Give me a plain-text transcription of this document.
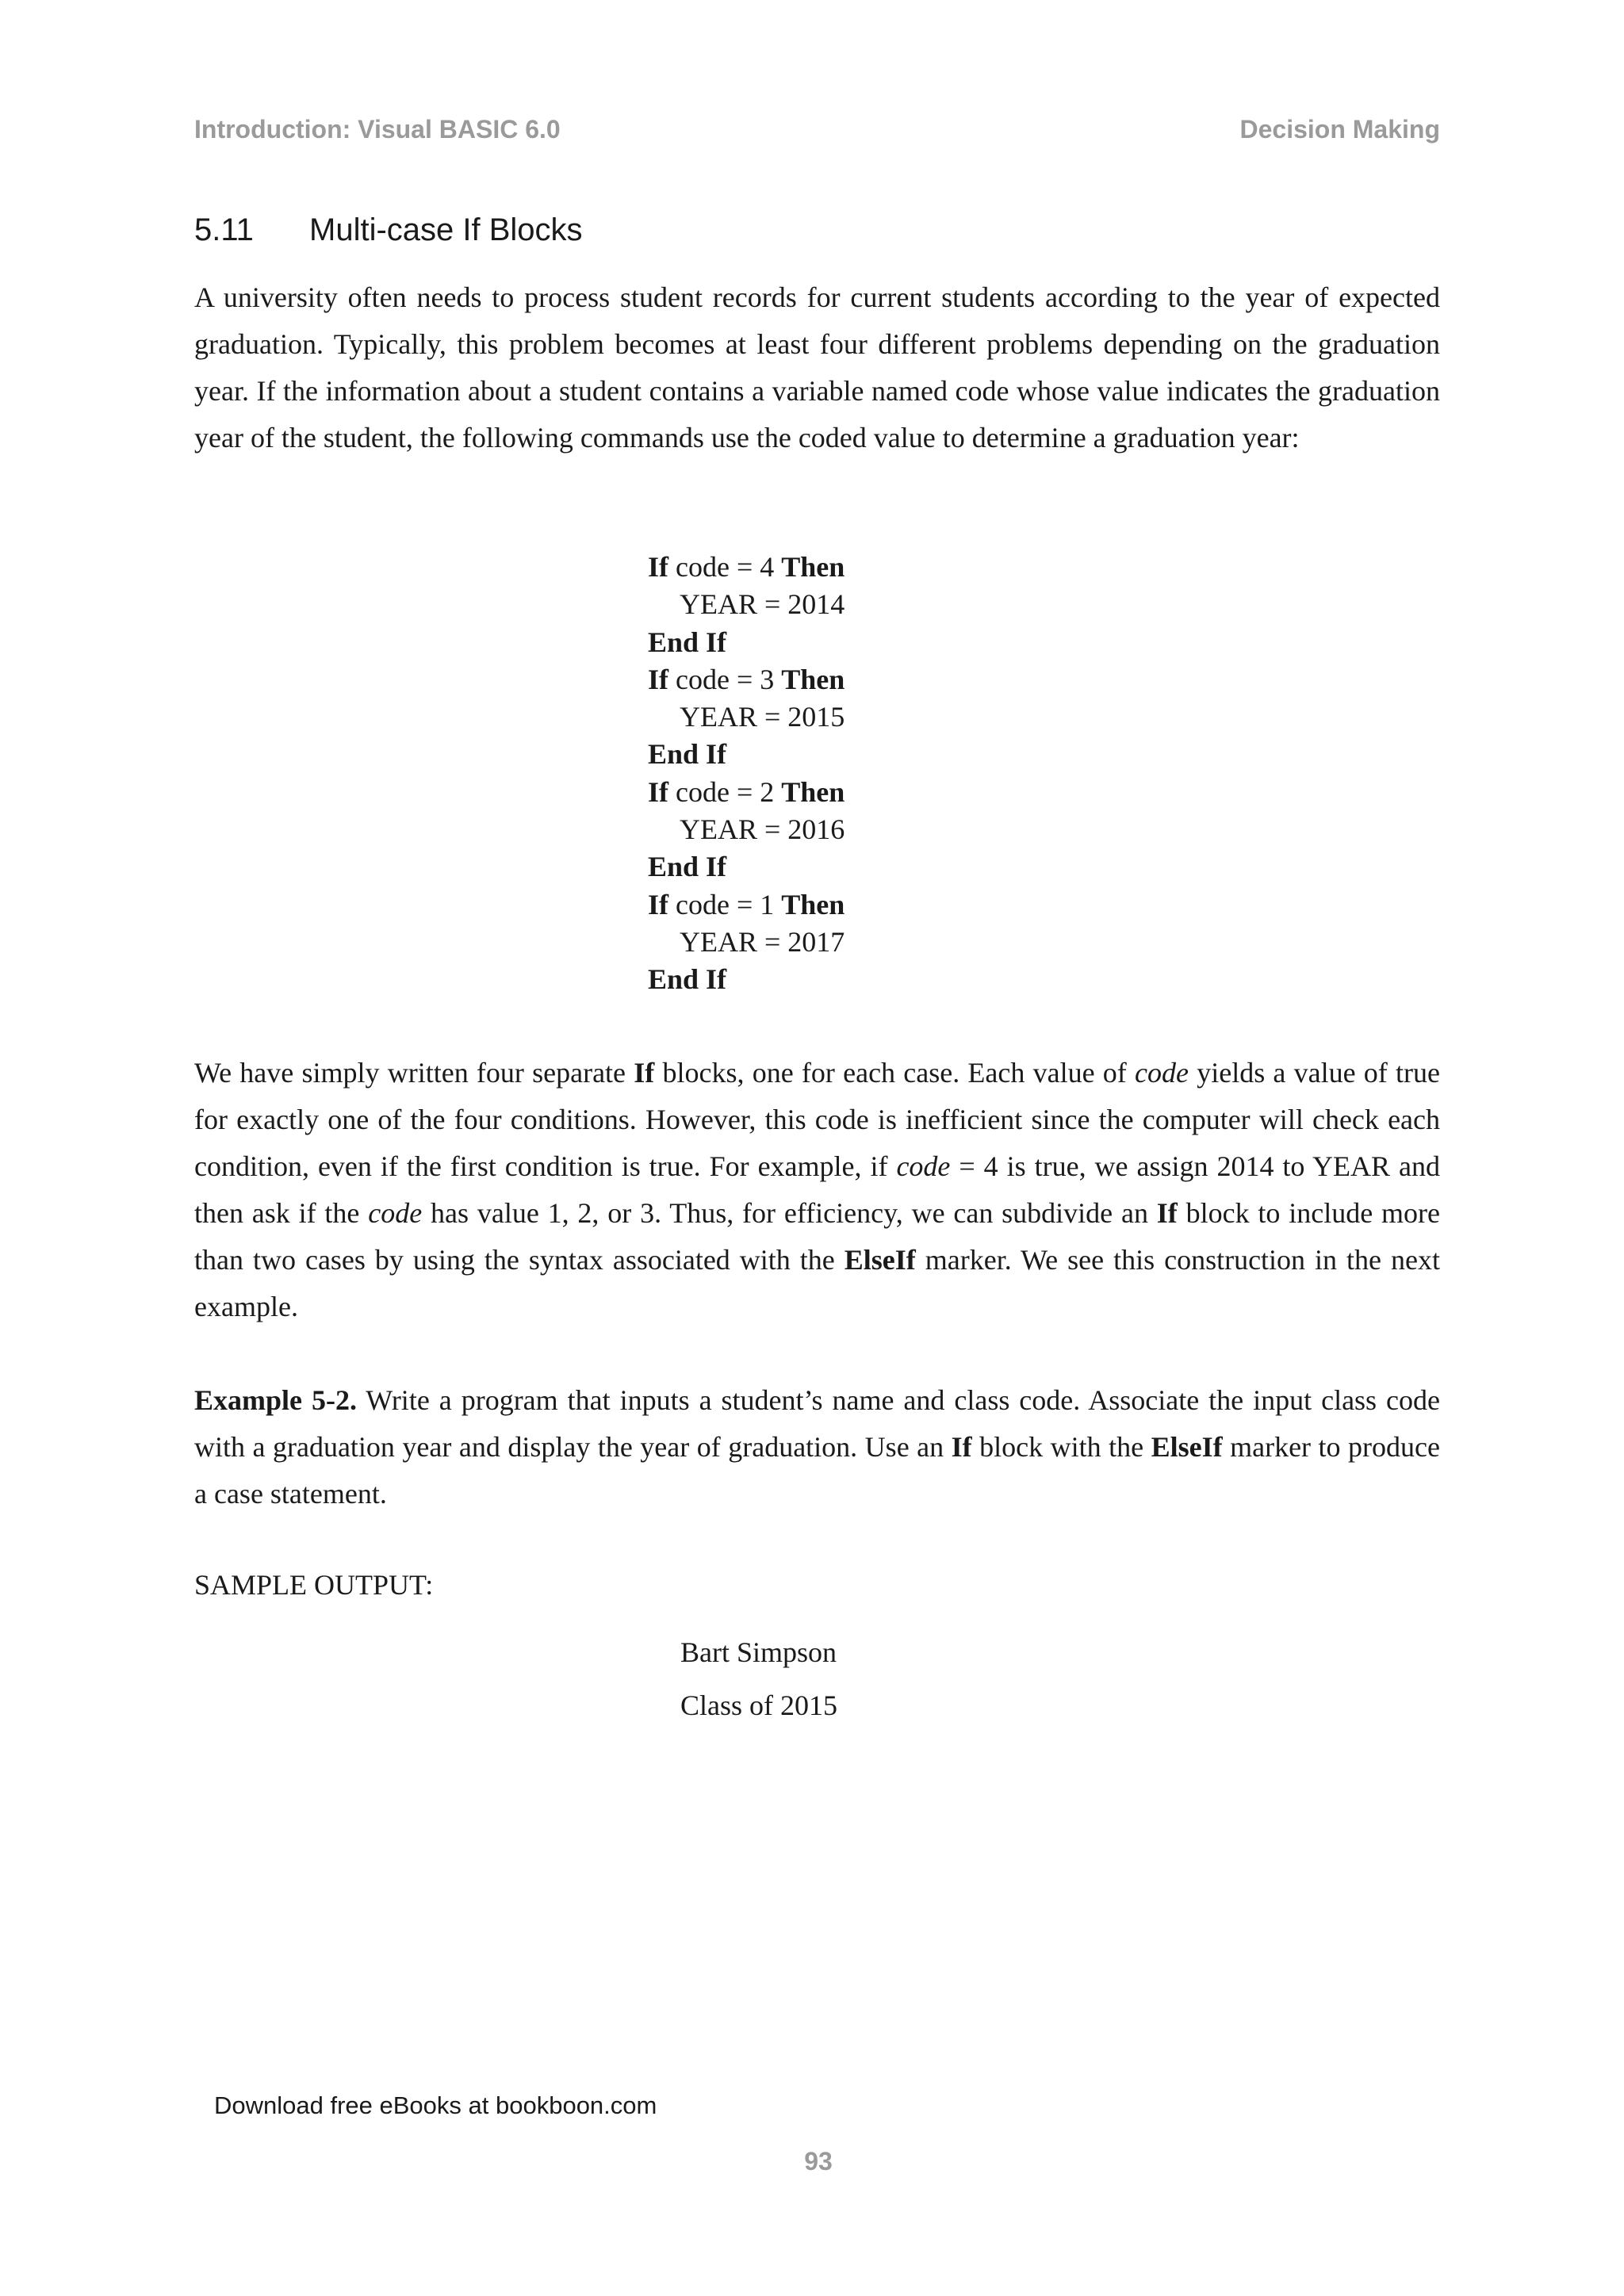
Introduction: Visual BASIC 6.0	Decision Making
5.11 Multi-case If Blocks

A university often needs to process student records for current students according to the year of expected graduation. Typically, this problem becomes at least four different problems depending on the graduation year. If the information about a student contains a variable named code whose value indicates the graduation year of the student, the following commands use the coded value to determine a graduation year:

If code = 4 Then
YEAR = 2014
End If
If code = 3 Then
YEAR = 2015
End If
If code = 2 Then
YEAR = 2016
End If
If code = 1 Then
YEAR = 2017
End If

We have simply written four separate If blocks, one for each case. Each value of code yields a value of true for exactly one of the four conditions. However, this code is inefficient since the computer will check each condition, even if the first condition is true. For example, if code = 4 is true, we assign 2014 to YEAR and then ask if the code has value 1, 2, or 3. Thus, for efficiency, we can subdivide an If block to include more than two cases by using the syntax associated with the ElseIf marker. We see this construction in the next example.

Example 5-2. Write a program that inputs a student’s name and class code. Associate the input class code with a graduation year and display the year of graduation. Use an If block with the ElseIf marker to produce a case statement.

SAMPLE OUTPUT:
Bart Simpson
Class of 2015
Download free eBooks at bookboon.com
93
